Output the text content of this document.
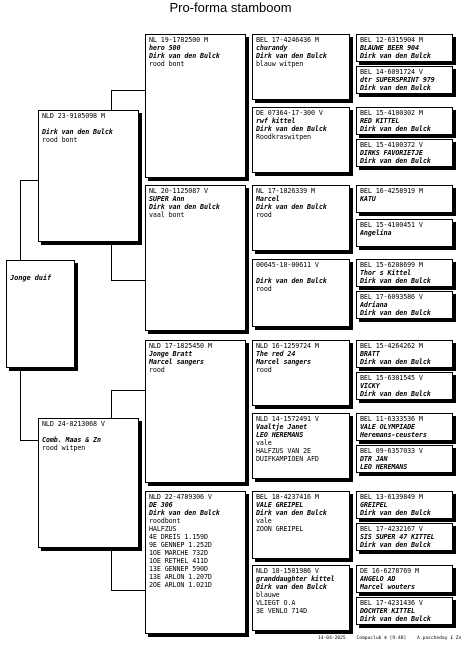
Pro-forma stamboom
Jonge duif
NLD 23-9105098 M
Dirk van den Bulck
rood bont
NLD 24-8213068 V
Comb. Maas & Zn
rood witpen
NL 19-1782500 M
hero 500
Dirk van den Bulck
rood bont
NL 20-1125087 V
SUPER Ann
Dirk van den Bulck
vaal bont
NLD 17-1825450 M
Jonge Bratt
Marcel sangers
rood
NLD 22-4789306 V
DE 306
Dirk van den Bulck
roodbont
HALFZUS
4E DREIS 1.159D
9E GENNEP 1.252D
1OE MARCHE 732D
1OE RETHEL 411D
13E GENNEP 590D
13E ARLON 1.207D
2OE ARLON 1.021D
BEL 17-4246436 M
churandy
Dirk van den Bulck
blauw witpen
DE 07364-17-300 V
rwf kittel
Dirk van den Bulck
Roodkraswitpen
NL 17-1826339 M
Marcel
Dirk van den Bulck
rood
00645-18-00611 V
Dirk van den Bulck
rood
NLD 16-1259724 M
The red 24
Marcel sangers
rood
NLD 14-1572491 V
Vaaltje Janet
LEO HEREMANS
vale
HALFZUS VAN 2E
DUIFKAMPIOEN AFD
BEL 18-4237416 M
VALE GREIPEL
Dirk van den Bulck
vale
ZOON GREIPEL
NLD 18-1501986 V
granddaughter kittel
Dirk van den Bulck
blauwe
VLIEGT O.A
3E VENLO 714D
BEL 12-6315904 M
BLAUWE BEER 904
Dirk van den Bulck
BEL 14-6091724 V
dtr SUPERSPRINT 979
Dirk van den Bulck
BEL 15-4100302 M
RED KITTEL
Dirk van den Bulck
BEL 15-4100372 V
DIRKS FAVORIETJE
Dirk van den Bulck
BEL 16-4258919 M
KATU
BEL 15-4100451 V
Angelina
BEL 15-6208699 M
Thor s Kittel
Dirk van den Bulck
BEL 17-6093586 V
Adriana
Dirk van den Bulck
BEL 15-4264262 M
BRATT
Dirk van den Bulck
BEL 15-6301545 V
VICKY
Dirk van den Bulck
BEL 11-6333536 M
VALE OLYMPIADE
Heremans-ceusters
BEL 09-6357033 V
DTR JAN
LEO HEREMANS
BEL 13-6139849 M
GREIPEL
Dirk van den Bulck
BEL 17-4232167 V
SIS SUPER 47 KITTEL
Dirk van den Bulck
DE 16-6278769 M
ANGELO AD
Marcel wouters
BEL 17-4231436 V
DOCHTER KITTEL
Dirk van den Bulck
14-04-2025 Compuclub ® [9.48] A.pascheday £ Zn
